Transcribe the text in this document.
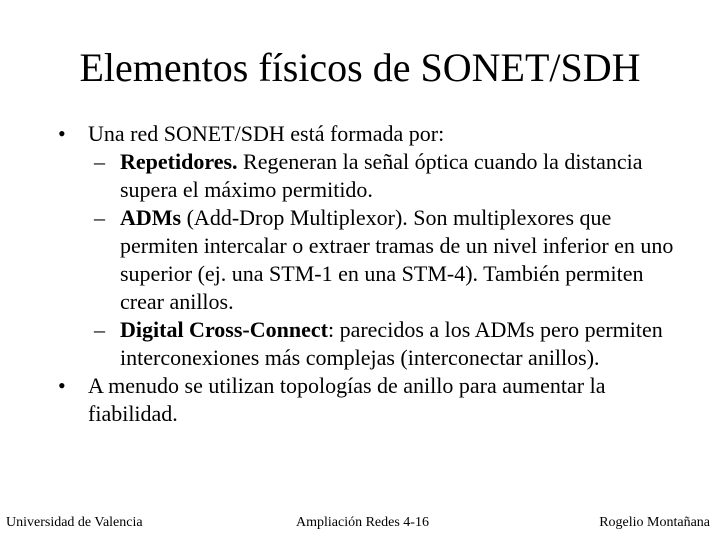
Elementos físicos de SONET/SDH
• Una red SONET/SDH está formada por:
– Repetidores. Regeneran la señal óptica cuando la distancia supera el máximo permitido.
– ADMs (Add-Drop Multiplexor). Son multiplexores que permiten intercalar o extraer tramas de un nivel inferior en uno superior (ej. una STM-1 en una STM-4). También permiten crear anillos.
– Digital Cross-Connect: parecidos a los ADMs pero permiten interconexiones más complejas (interconectar anillos).
• A menudo se utilizan topologías de anillo para aumentar la fiabilidad.
Universidad de Valencia	Ampliación Redes 4-16	Rogelio Montañana
